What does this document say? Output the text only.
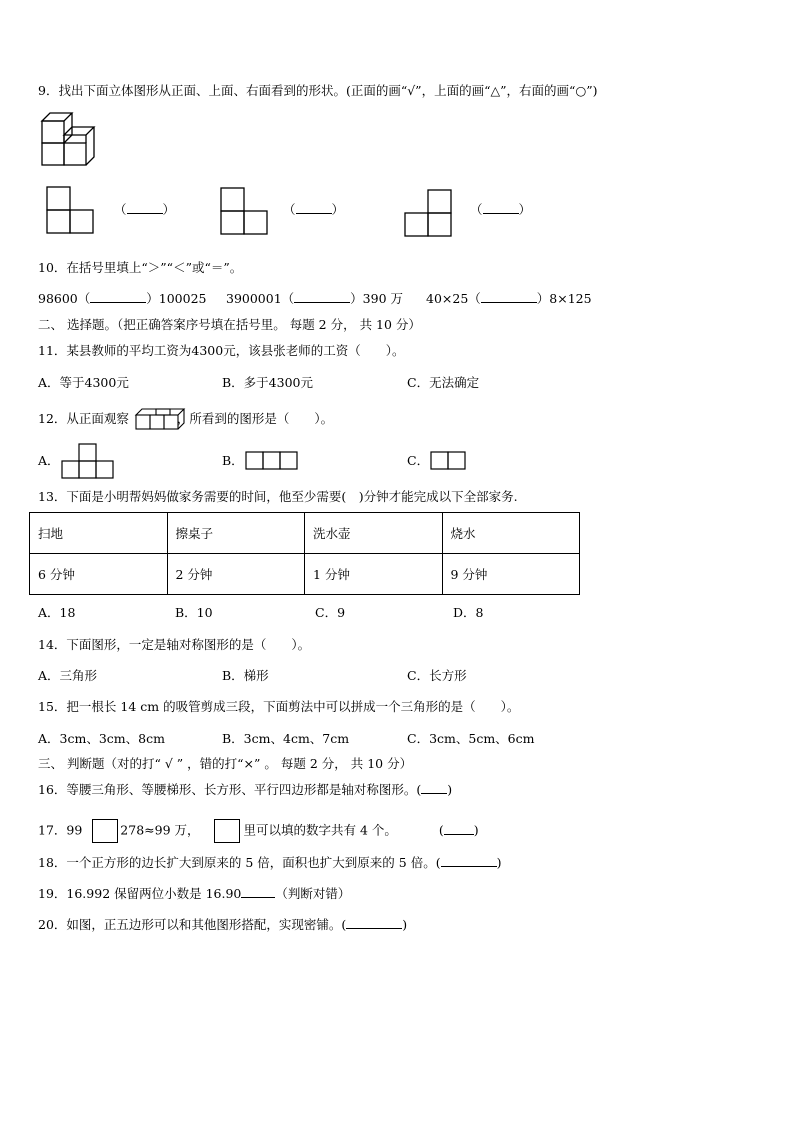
9．找出下面立体图形从正面、上面、右面看到的形状。(正面的画“√”，上面的画“△”，右面的画“○”)
（	）	（	）	（	）
10．在括号里填上“＞”“＜”或“＝”。
98600（	）100025 3900001（	）390 万 40×25（	）8×125
二、 选择题。（把正确答案序号填在括号里。 每题 2 分， 共 10 分）
11．某县教师的平均工资为4300元，该县张老师的工资（　　）。
A．等于4300元	B．多于4300元	C．无法确定
12．从正面观察	，所看到的图形是（　　）。
A．	B．	C．
13．下面是小明帮妈妈做家务需要的时间，他至少需要(　)分钟才能完成以下全部家务.
扫地	擦桌子	洗水壶	烧水
6 分钟	2 分钟	1 分钟	9 分钟
A．18	B．10	C．9	D．8
14．下面图形，一定是轴对称图形的是（　　）。
A．三角形	B．梯形	C．长方形
15．把一根长 14 cm 的吸管剪成三段，下面剪法中可以拼成一个三角形的是（　　）。
A．3cm、3cm、8cm	B．3cm、4cm、7cm	C．3cm、5cm、6cm
三、 判断题（对的打“ √ ” ，错的打“×” 。 每题 2 分， 共 10 分）
16．等腰三角形、等腰梯形、长方形、平行四边形都是轴对称图形。( )
17．99	278≈99 万，	里可以填的数字共有 4 个。	( )
18．一个正方形的边长扩大到原来的 5 倍，面积也扩大到原来的 5 倍。(	)
19．16.992 保留两位小数是 16.90	（判断对错）
20．如图，正五边形可以和其他图形搭配，实现密铺。(	)
